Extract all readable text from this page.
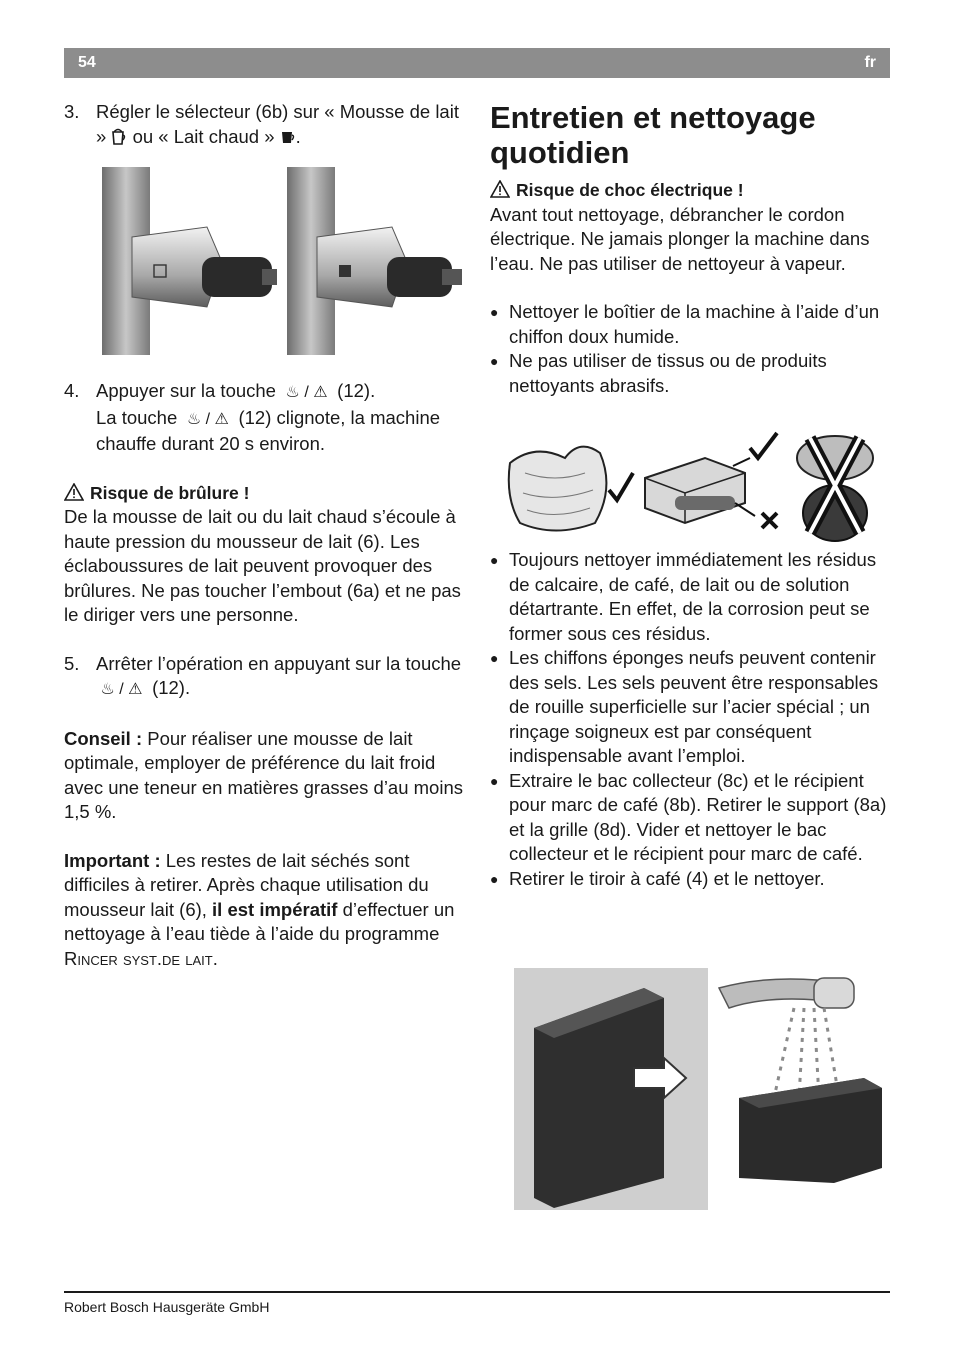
54	fr
3. Régler le sélecteur (6b) sur « Mousse de lait » ou « Lait chaud » .
4. Appuyer sur la touche  ♨ / ⚠  (12).
La touche  ♨ / ⚠  (12) clignote, la machine chauffe durant 20 s environ.

Risque de brûlure !

De la mousse de lait ou du lait chaud s’écoule à haute pression du mousseur de lait (6). Les éclaboussures de lait peuvent provoquer des brûlures. Ne pas toucher l’embout (6a) et ne pas le diriger vers une personne.

5. Arrêter l’opération en appuyant sur la touche  ♨ / ⚠  (12).

Conseil : Pour réaliser une mousse de lait optimale, employer de préférence du lait froid avec une teneur en matières grasses d’au moins 1,5 %.

Important : Les restes de lait séchés sont difficiles à retirer. Après chaque utilisation du mousseur lait (6), il est impératif d’effectuer un nettoyage à l’eau tiède à l’aide du programme Rincer syst.de lait.

Entretien et nettoyage quotidien

Risque de choc électrique !

Avant tout nettoyage, débrancher le cordon électrique. Ne jamais plonger la machine dans l’eau. Ne pas utiliser de nettoyeur à vapeur.

● Nettoyer le boîtier de la machine à l’aide d’un chiffon doux humide.
● Ne pas utiliser de tissus ou de produits nettoyants abrasifs.
● Toujours nettoyer immédiatement les résidus de calcaire, de café, de lait ou de solution détartrante. En effet, de la corrosion peut se former sous ces résidus.
● Les chiffons éponges neufs peuvent contenir des sels. Les sels peuvent être responsables de rouille superficielle sur l’acier spécial ; un rinçage soigneux est par conséquent indispensable avant l’emploi.
● Extraire le bac collecteur (8c) et le récipient pour marc de café (8b). Retirer le support (8a) et la grille (8d). Vider et nettoyer le bac collecteur et le récipient pour marc de café.
● Retirer le tiroir à café (4) et le nettoyer.
Robert Bosch Hausgeräte GmbH
